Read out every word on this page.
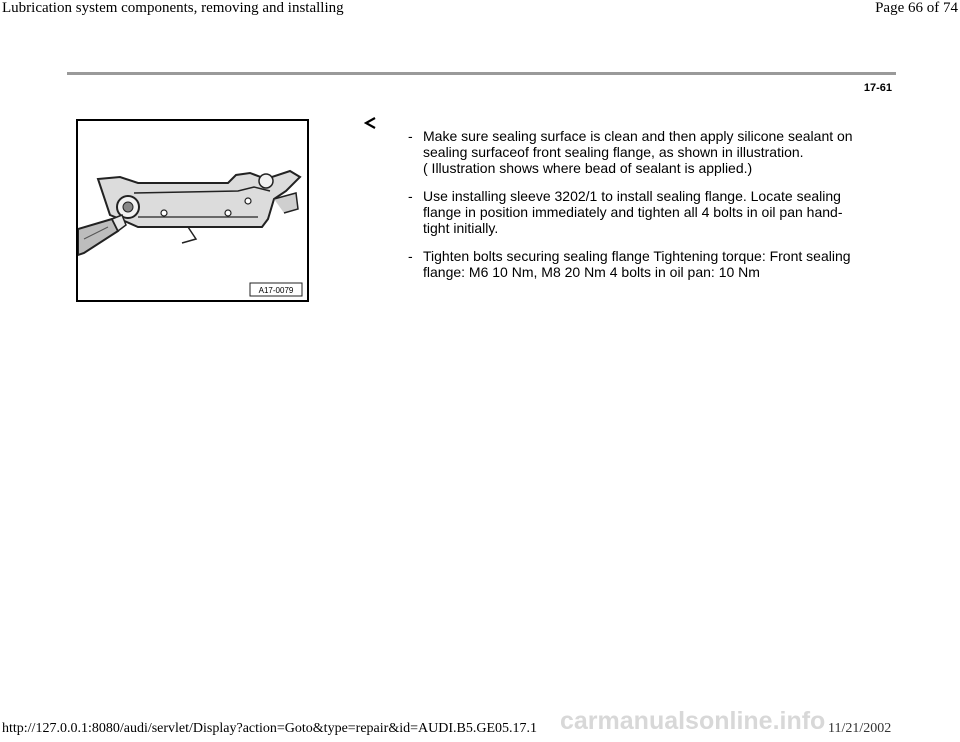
Lubrication system components, removing and installing	Page 66 of 74
17-61
A17-0079
- Make sure sealing surface is clean and then apply silicone sealant on
sealing surfaceof front sealing flange, as shown in illustration.
( Illustration shows where bead of sealant is applied.)
- Use installing sleeve 3202/1 to install sealing flange. Locate sealing
flange in position immediately and tighten all 4 bolts in oil pan hand-
tight initially.
- Tighten bolts securing sealing flange Tightening torque: Front sealing
flange: M6 10 Nm, M8 20 Nm 4 bolts in oil pan: 10 Nm
carmanualsonline.info
http://127.0.0.1:8080/audi/servlet/Display?action=Goto&type=repair&id=AUDI.B5.GE05.17.1	11/21/2002
